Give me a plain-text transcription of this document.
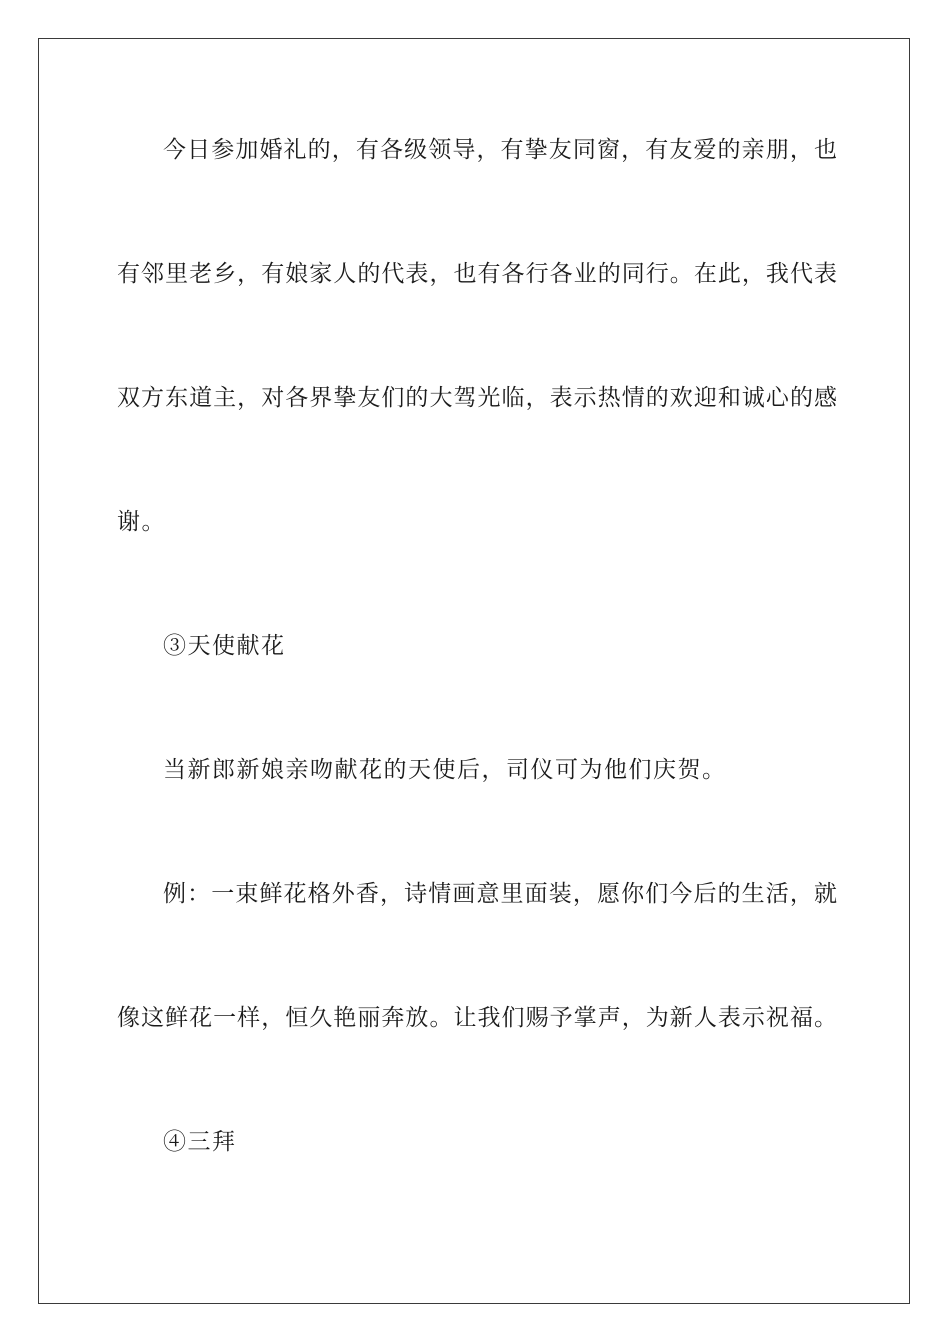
今日参加婚礼的，有各级领导，有挚友同窗，有友爱的亲朋，也
有邻里老乡，有娘家人的代表，也有各行各业的同行。在此，我代表
双方东道主，对各界挚友们的大驾光临，表示热情的欢迎和诚心的感
谢。
③天使献花
当新郎新娘亲吻献花的天使后，司仪可为他们庆贺。
例：一束鲜花格外香，诗情画意里面装，愿你们今后的生活，就
像这鲜花一样，恒久艳丽奔放。让我们赐予掌声，为新人表示祝福。
④三拜
